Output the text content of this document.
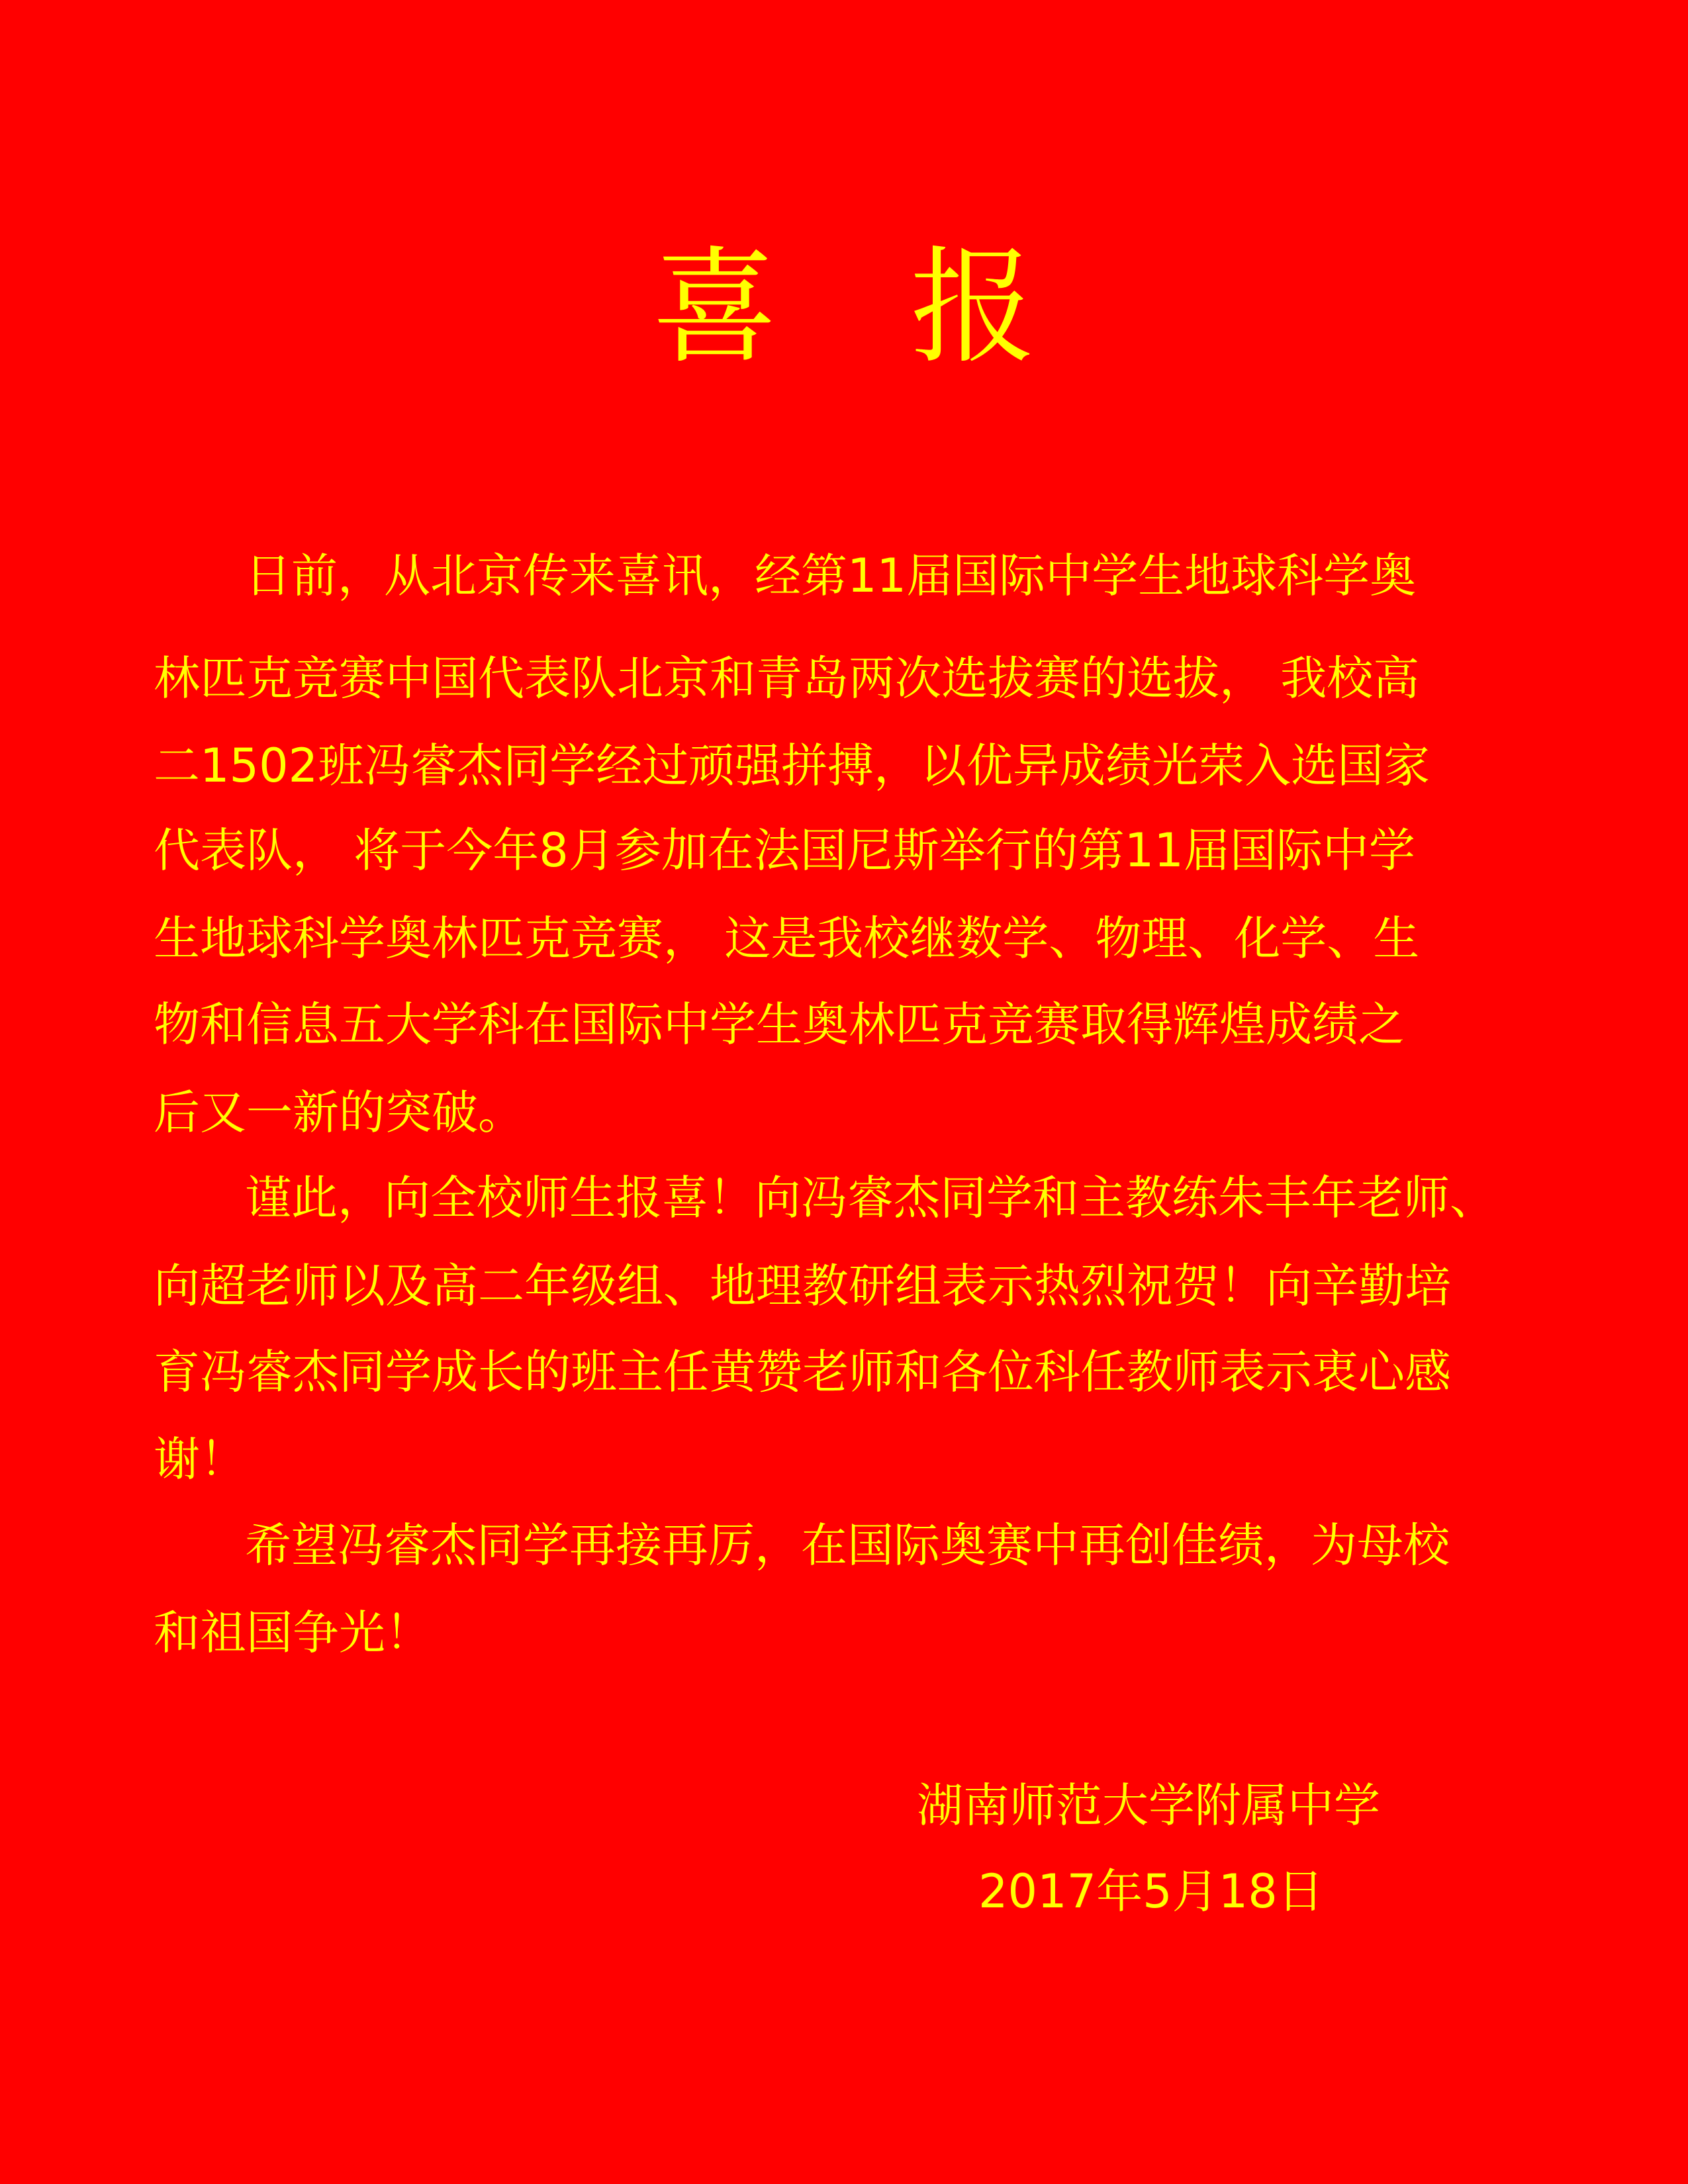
喜 报
日前，从北京传来喜讯，经第11届国际中学生地球科学奥
林匹克竞赛中国代表队北京和青岛两次选拔赛的选拔， 我校高
二1502班冯睿杰同学经过顽强拼搏，以优异成绩光荣入选国家
代表队， 将于今年8月参加在法国尼斯举行的第11届国际中学
生地球科学奥林匹克竞赛， 这是我校继数学、物理、化学、生
物和信息五大学科在国际中学生奥林匹克竞赛取得辉煌成绩之
后又一新的突破。
谨此，向全校师生报喜！向冯睿杰同学和主教练朱丰年老师、
向超老师以及高二年级组、地理教研组表示热烈祝贺！向辛勤培
育冯睿杰同学成长的班主任黄赞老师和各位科任教师表示衷心感
谢！
希望冯睿杰同学再接再厉，在国际奥赛中再创佳绩，为母校
和祖国争光！
湖南师范大学附属中学
2017年5月18日
